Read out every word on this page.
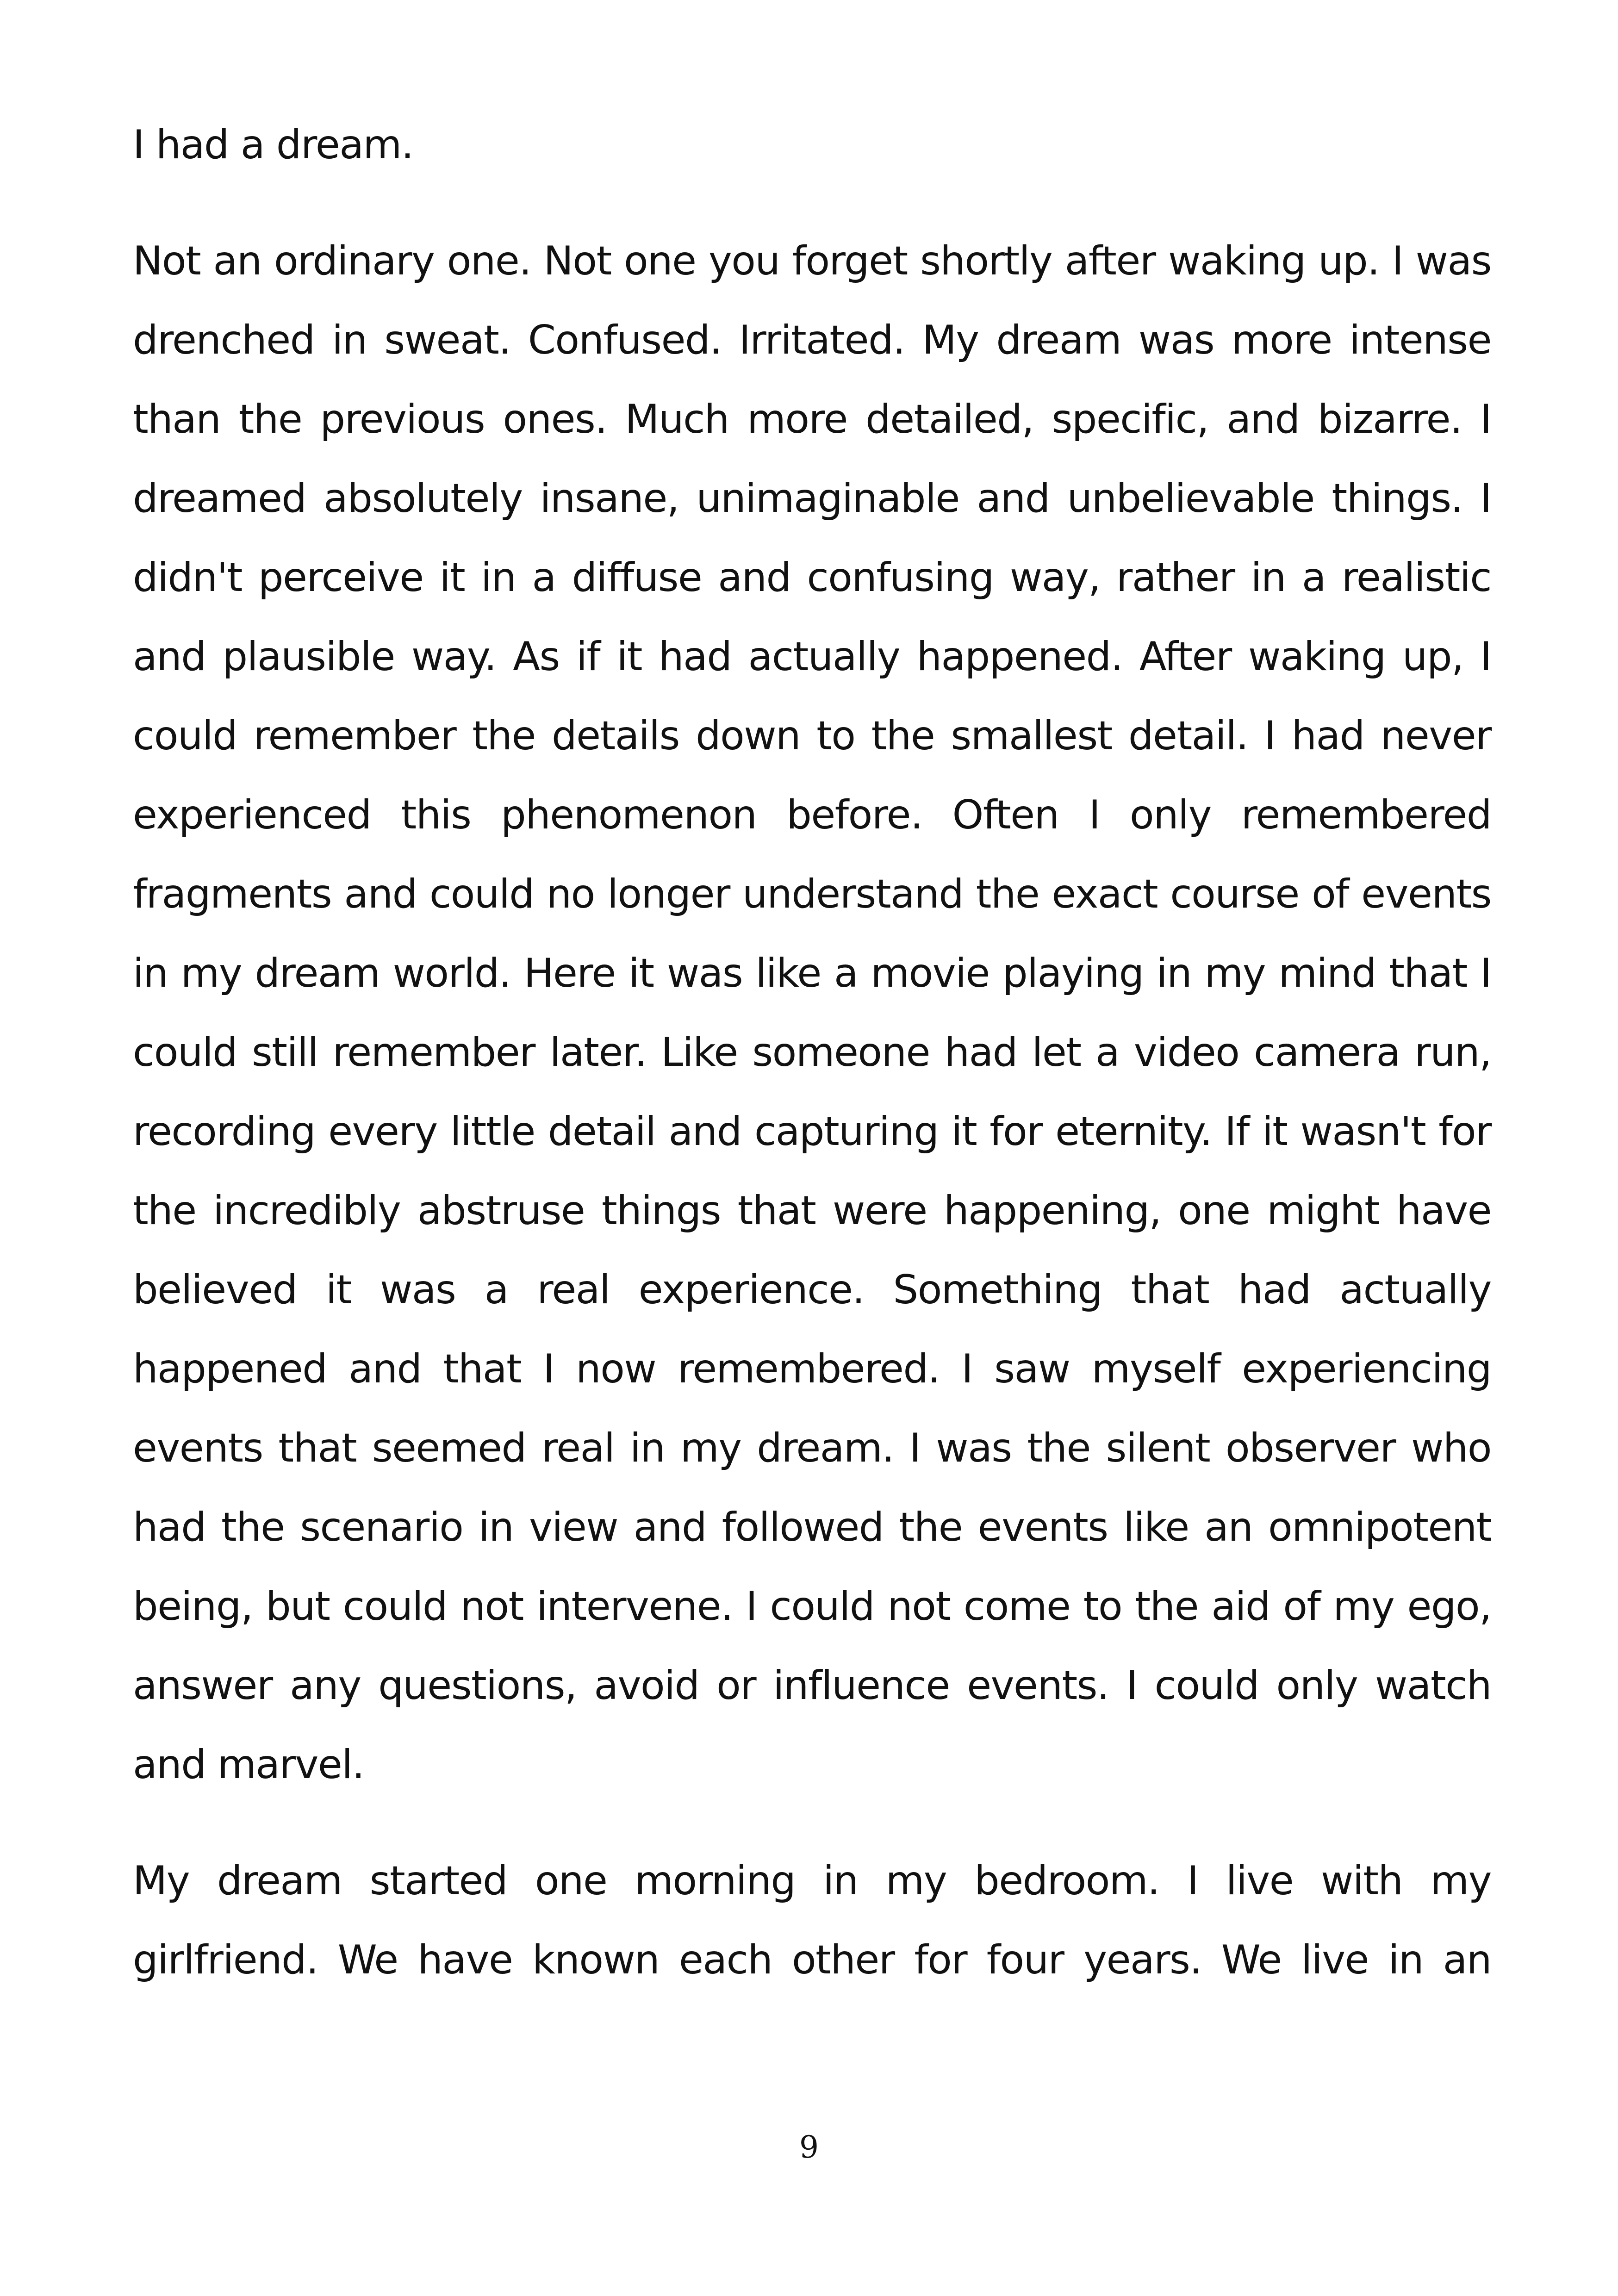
I had a dream.

Not an ordinary one. Not one you forget shortly after waking up. I was drenched in sweat. Confused. Irritated. My dream was more intense than the previous ones. Much more detailed, specific, and bizarre. I dreamed absolutely insane, unimaginable and unbelievable things. I didn't perceive it in a diffuse and confusing way, rather in a realistic and plausible way. As if it had actually happened. After waking up, I could remember the details down to the smallest detail. I had never experienced this phenomenon before. Often I only remembered fragments and could no longer understand the exact course of events in my dream world. Here it was like a movie playing in my mind that I could still remember later. Like someone had let a video camera run, recording every little detail and capturing it for eternity. If it wasn't for the incredibly abstruse things that were happening, one might have believed it was a real experience. Something that had actually happened and that I now remembered. I saw myself experiencing events that seemed real in my dream. I was the silent observer who had the scenario in view and followed the events like an omnipotent being, but could not intervene. I could not come to the aid of my ego, answer any questions, avoid or influence events. I could only watch and marvel.

My dream started one morning in my bedroom. I live with my girlfriend. We have known each other for four years. We live in an

9
